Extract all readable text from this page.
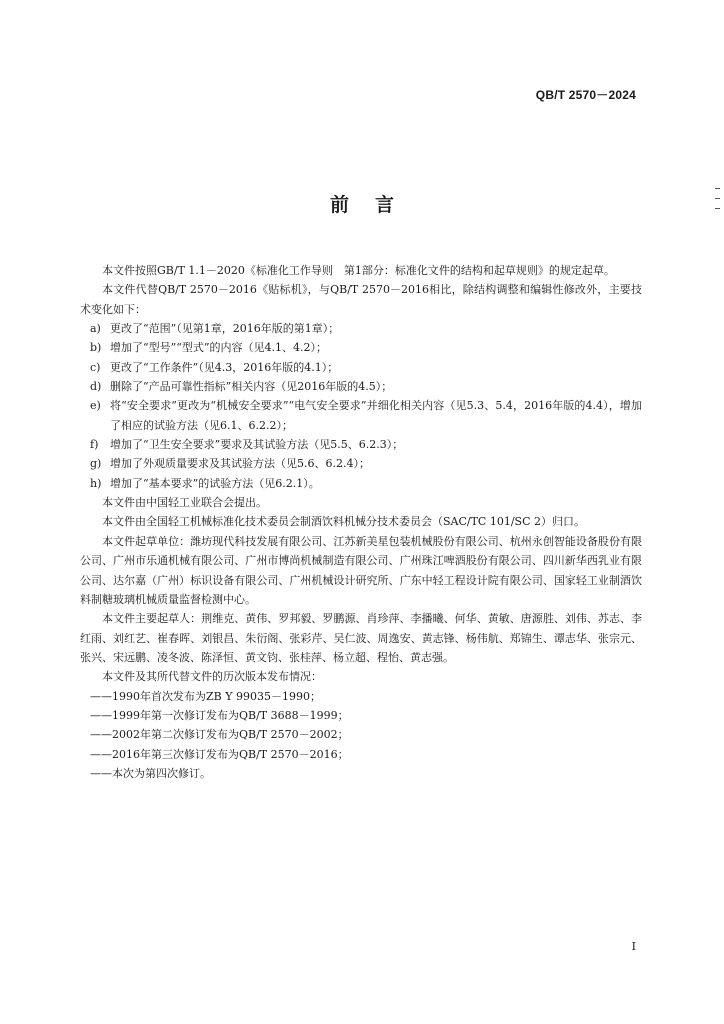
QB/T 2570－2024
前言

本文件按照GB/T 1.1－2020《标准化工作导则　第1部分：标准化文件的结构和起草规则》的规定起草。

本文件代替QB/T 2570－2016《贴标机》，与QB/T 2570－2016相比，除结构调整和编辑性修改外，主要技术变化如下：

a) 更改了“范围”（见第1章，2016年版的第1章）；
b) 增加了“型号”“型式”的内容（见4.1、4.2）；
c) 更改了“工作条件”（见4.3，2016年版的4.1）；
d) 删除了“产品可靠性指标”相关内容（见2016年版的4.5）；
e) 将“安全要求”更改为“机械安全要求”“电气安全要求”并细化相关内容（见5.3、5.4，2016年版的4.4），增加了相应的试验方法（见6.1、6.2.2）；
f)	增加了“卫生安全要求”要求及其试验方法（见5.5、6.2.3）；
g) 增加了外观质量要求及其试验方法（见5.6、6.2.4）；
h) 增加了“基本要求”的试验方法（见6.2.1）。

本文件由中国轻工业联合会提出。

本文件由全国轻工机械标准化技术委员会制酒饮料机械分技术委员会（SAC/TC 101/SC 2）归口。

本文件起草单位：潍坊现代科技发展有限公司、江苏新美星包装机械股份有限公司、杭州永创智能设备股份有限公司、广州市乐通机械有限公司、广州市博尚机械制造有限公司、广州珠江啤酒股份有限公司、四川新华西乳业有限公司、达尔嘉（广州）标识设备有限公司、广州机械设计研究所、广东中轻工程设计院有限公司、国家轻工业制酒饮料制糖玻璃机械质量监督检测中心。

本文件主要起草人：荆维克、黄伟、罗邦毅、罗鹏源、肖珍萍、李播曦、何华、黄敏、唐源胜、刘伟、苏志、李红雨、刘红艺、崔春晖、刘银昌、朱衍阁、张彩芹、吴仁波、周逸安、黄志锋、杨伟航、郑锦生、谭志华、张宗元、张兴、宋远鹏、凌冬波、陈泽恒、黄文钧、张桂萍、杨立超、程怡、黄志强。

本文件及其所代替文件的历次版本发布情况：

——1990年首次发布为ZB Y 99035－1990；

——1999年第一次修订发布为QB/T 3688－1999；

——2002年第二次修订发布为QB/T 2570－2002；

——2016年第三次修订发布为QB/T 2570－2016；

——本次为第四次修订。

I
